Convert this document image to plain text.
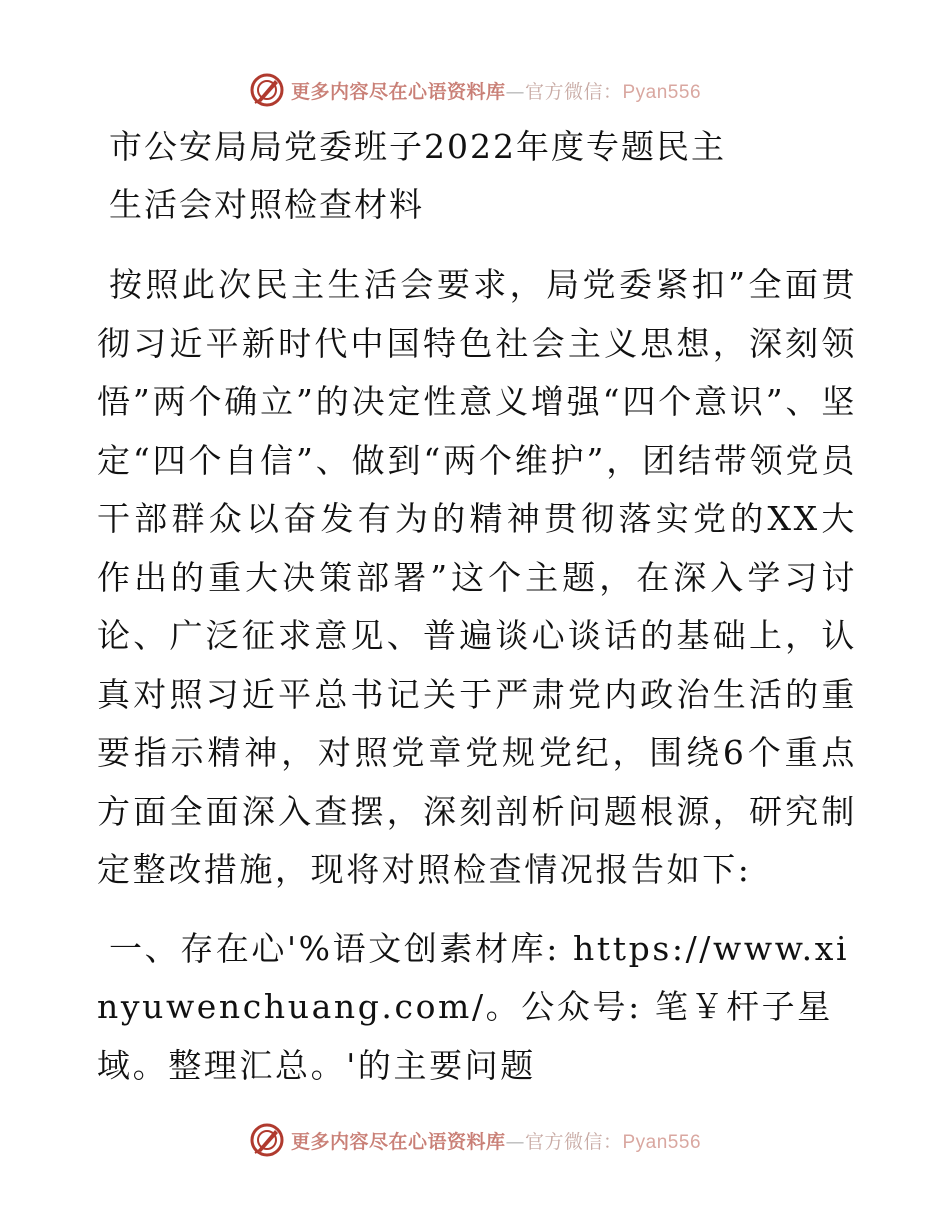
更多内容尽在心语资料库—官方微信：Pyan556

市公安局局党委班子2022年度专题民主

生活会对照检查材料

按照此次民主生活会要求，局党委紧扣”全面贯彻习近平新时代中国特色社会主义思想，深刻领悟”两个确立”的决定性意义增强“四个意识”、坚定“四个自信”、做到“两个维护”，团结带领党员干部群众以奋发有为的精神贯彻落实党的XX大作出的重大决策部署”这个主题，在深入学习讨论、广泛征求意见、普遍谈心谈话的基础上，认真对照习近平总书记关于严肃党内政治生活的重要指示精神，对照党章党规党纪，围绕6个重点方面全面深入查摆，深刻剖析问题根源，研究制定整改措施，现将对照检查情况报告如下:

一、存在心'%语文创素材库: https://www.xinyuwenchuang.com/。公众号: 笔￥杆子星域。整理汇总。'的主要问题

更多内容尽在心语资料库—官方微信：Pyan556
